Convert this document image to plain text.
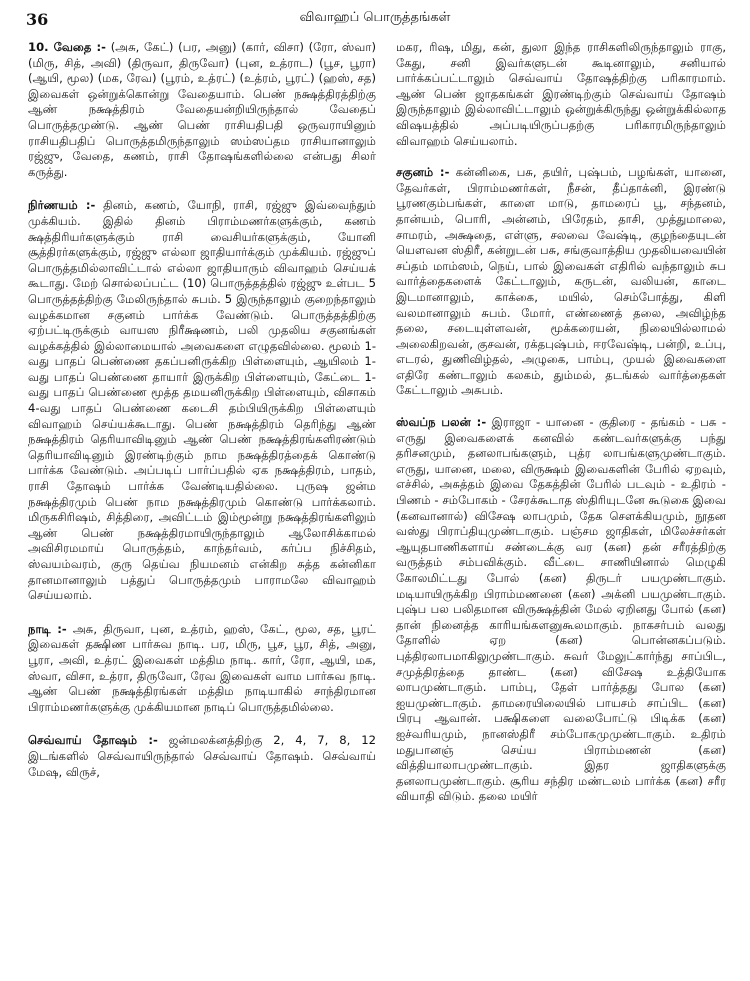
36	விவாஹப் பொருத்தங்கள்

10. வேதை :- (அசு, கேட்) (பர, அனு) (கார், விசா) (ரோ, ஸ்வா) (மிரு, சித், அவி) (திருவா, திருவோ) (புன, உத்ராட) (பூச, பூரா) (ஆயி, மூல) (மக, ரேவ) (பூரம், உத்ரட்) (உத்ரம், பூரட்) (ஹஸ், சத) இவைகள் ஒன்றுக்கொன்று வேதையாம். பெண் நக்ஷத்திரத்திற்கு ஆண் நக்ஷத்திரம் வேதையன்றியிருந்தால் வேதைப் பொருத்தமுண்டு. ஆண் பெண் ராசியதிபதி ஒருவராயினும் ராசியதிபதிப் பொருத்தமிருந்தாலும் ஸம்ஸப்தம ராசியானாலும் ரஜ்ஜு, வேதை, கணம், ராசி தோஷங்களில்லை என்பது சிலர் கருத்து.

நிர்ணயம் :- தினம், கணம், யோநி, ராசி, ரஜ்ஜு இவ்வைந்தும் முக்கியம். இதில் தினம் பிராம்மணர்களுக்கும், கணம் க்ஷத்திரியர்களுக்கும் ராசி வைசியர்களுக்கும், யோனி சூத்திரர்களுக்கும், ரஜ்ஜு எல்லா ஜாதியார்க்கும் முக்கியம். ரஜ்ஜுப் பொருத்தமில்லாவிட்டால் எல்லா ஜாதியாரும் விவாஹம் செய்யக் கூடாது. மேற் சொல்லப்பட்ட (10) பொருத்தத்தில் ரஜ்ஜு உள்பட 5 பொருத்தத்திற்கு மேலிருந்தால் சுபம். 5 இருந்தாலும் குறைந்தாலும் வழக்கமான சகுனம் பார்க்க வேண்டும். பொருத்தத்திற்கு ஏற்பட்டிருக்கும் வாயஸ நிரீக்ஷணம், பலி முதலிய சகுனங்கள் வழக்கத்தில் இல்லாமையால் அவைகளை எழுதவில்லை. மூலம் 1-வது பாதப் பெண்ணை தகப்பனிருக்கிற பிள்ளையும், ஆயிலம் 1-வது பாதப் பெண்ணை தாயார் இருக்கிற பிள்ளையும், கேட்டை 1-வது பாதப் பெண்ணை மூத்த தமயனிருக்கிற பிள்ளையும், விசாகம் 4-வது பாதப் பெண்ணை கடைசி தம்பியிருக்கிற பிள்ளையும் விவாஹம் செய்யக்கூடாது. பெண் நக்ஷத்திரம் தெரிந்து ஆண் நக்ஷத்திரம் தெரியாவிடினும் ஆண் பெண் நக்ஷத்திரங்களிரண்டும் தெரியாவிடினும் இரண்டிற்கும் நாம நக்ஷத்திரத்தைக் கொண்டு பார்க்க வேண்டும். அப்படிப் பார்ப்பதில் ஏக நக்ஷத்திரம், பாதம், ராசி தோஷம் பார்க்க வேண்டியதில்லை. புருஷ ஜன்ம நக்ஷத்திரமும் பெண் நாம நக்ஷத்திரமும் கொண்டு பார்க்கலாம். மிருகசிரிஷம், சித்திரை, அவிட்டம் இம்மூன்று நக்ஷத்திரங்களிலும் ஆண் பெண் நக்ஷத்திரமாயிருந்தாலும் ஆலோசிக்காமல் அவிசிரமமாய் பொருத்தம், காந்தர்வம், கர்ப்ப நிச்சிதம், ஸ்வயம்வரம், குரு தெய்வ நியமனம் என்கிற சுத்த கன்னிகா தானமானாலும் பத்துப் பொருத்தமும் பாராமலே விவாஹம் செய்யலாம்.

நாடி :- அசு, திருவா, புன, உத்ரம், ஹஸ், கேட், மூல, சத, பூரட் இவைகள் தக்ஷிண பார்சுவ நாடி. பர, மிரு, பூச, பூர, சித், அனு, பூரா, அவி, உத்ரட் இவைகள் மத்திம நாடி. கார், ரோ, ஆயி, மக, ஸ்வா, விசா, உத்ரா, திருவோ, ரேவ இவைகள் வாம பார்சுவ நாடி. ஆண் பெண் நக்ஷத்திரங்கள் மத்திம நாடியாகில் சாந்திரமான பிராம்மணர்களுக்கு முக்கியமான நாடிப் பொருத்தமில்லை.

செவ்வாய் தோஷம் :- ஜன்மலக்னத்திற்கு 2, 4, 7, 8, 12 இடங்களில் செவ்வாயிருந்தால் செவ்வாய் தோஷம். செவ்வாய் மேஷ, விருச்,

மகர, ரிஷ, மிது, கன், துலா இந்த ராசிகளிலிருந்தாலும் ராகு, கேது, சனி இவர்களுடன் கூடினாலும், சனியால் பார்க்கப்பட்டாலும் செவ்வாய் தோஷத்திற்கு பரிகாரமாம். ஆண் பெண் ஜாதகங்கள் இரண்டிற்கும் செவ்வாய் தோஷம் இருந்தாலும் இல்லாவிட்டாலும் ஒன்றுக்கிருந்து ஒன்றுக்கில்லாத விஷயத்தில் அப்படியிருப்பதற்கு பரிகாரமிருந்தாலும் விவாஹம் செய்யலாம்.

சகுனம் :- கன்னிகை, பசு, தயிர், புஷ்பம், பழங்கள், யானை, தேவர்கள், பிராம்மணர்கள், நீசன், தீப்தாக்னி, இரண்டு பூரணகும்பங்கள், காளை மாடு, தாமரைப் பூ, சந்தனம், தான்யம், பொரி, அன்னம், பிரேதம், தாசி, முத்துமாலை, சாமரம், அக்ஷதை, எள்ளு, சலவை வேஷ்டி, குழந்தையுடன் யௌவன ஸ்திரீ, கன்றுடன் பசு, சங்குவாத்திய முதலியவையின் சப்தம் மாம்ஸம், நெய், பால் இவைகள் எதிரில் வந்தாலும் சுப வார்த்தைகளைக் கேட்டாலும், கருடன், வலியன், காடை இடமானாலும், காக்கை, மயில், செம்போத்து, கிளி வலமானாலும் சுபம். மோர், எண்ணைத் தலை, அவிழ்ந்த தலை, சடையுள்ளவன், மூக்கரையன், நிலையில்லாமல் அலைகிறவன், குசவன், ரக்தபுஷ்பம், ஈரவேஷ்டி, பன்றி, உப்பு, எடரல், துணிவிழ்தல், அழுகை, பாம்பு, முயல் இவைகளை எதிரே கண்டாலும் கலகம், தும்மல், தடங்கல் வார்த்தைகள் கேட்டாலும் அசுபம்.

ஸ்வப்ந பலன் :- இராஜா - யானை - குதிரை - தங்கம் - பசு - எருது இவைகளைக் கனவில் கண்டவர்களுக்கு பந்து தரிசனமும், தனலாபங்களும், புத்ர லாபங்களுமுண்டாகும். எருது, யானை, மலை, விருக்ஷம் இவைகளின் பேரில் ஏறவும், எச்சில், அசுத்தம் இவை தேகத்தின் பேரில் படவும் - உதிரம் - பிணம் - சம்போகம் - சேரக்கூடாத ஸ்திரியுடனே கூடுகை இவை (கனவானால்) விசேஷ லாபமும், தேக சௌக்கியமும், நூதன வஸ்து பிராப்தியுமுண்டாகும். பஞ்சம ஜாதிகள், மிலேச்சர்கள் ஆயுதபாணிகளாய் சண்டைக்கு வர (கன) தன் சரீரத்திற்கு வருத்தம் சம்பவிக்கும். வீட்டை சாணியினால் மெழுகி கோலமிட்டது போல் (கன) திருடர் பயமுண்டாகும். மடியாயிருக்கிற பிராம்மணனை (கன) அக்னி பயமுண்டாகும். புஷ்ப பல பலிதமான விருக்ஷத்தின் மேல் ஏறினது போல் (கன) தான் நினைத்த காரியங்களனுகூலமாகும். நாகசர்பம் வலது தோளில் ஏற (கன) பொன்னகப்படும். புத்திரலாபமாகிலுமுண்டாகும். சுவர் மேலுட்கார்ந்து சாப்பிட, சமுத்திரத்தை தாண்ட (கன) விசேஷ உத்தியோக லாபமுண்டாகும். பாம்பு, தேள் பார்த்தது போல (கன) ஐயமுண்டாகும். தாமரையிலையில் பாயசம் சாப்பிட (கன) பிரபு ஆவான். பக்ஷிகளை வலைபோட்டு பிடிக்க (கன) ஐச்வரியமும், நானஸ்திரீ சம்போகமுமுண்டாகும். உதிரம் மதுபானஞ் செய்ய பிராம்மணன் (கன) வித்தியாலாபமுண்டாகும். இதர ஜாதிகளுக்கு தனலாபமுண்டாகும். சூரிய சந்திர மண்டலம் பார்க்க (கன) சரீர வியாதி விடும். தலை மயிர்
